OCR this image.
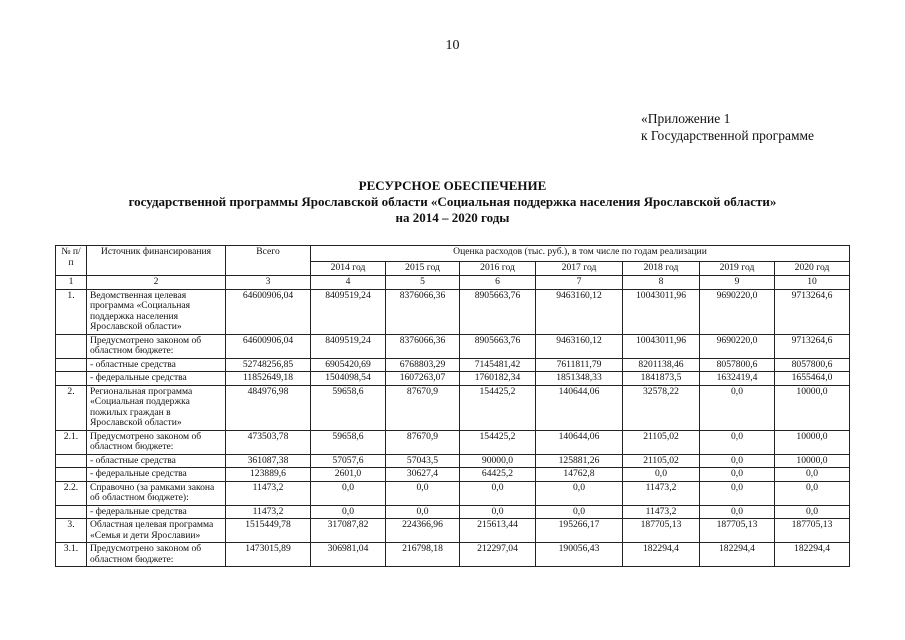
10
«Приложение 1
к Государственной программе
РЕСУРСНОЕ ОБЕСПЕЧЕНИЕ
государственной программы Ярославской области «Социальная поддержка населения Ярославской области»
на 2014 – 2020 годы
№ п/п	Источник финансирования	Всего	Оценка расходов (тыс. руб.), в том числе по годам реализации						
			2014 год	2015 год	2016 год	2017 год	2018 год	2019 год	2020 год
1	2	3	4	5	6	7	8	9	10
1.	Ведомственная целевая программа «Социальная поддержка населения Ярославской области»	64600906,04	8409519,24	8376066,36	8905663,76	9463160,12	10043011,96	9690220,0	9713264,6
	Предусмотрено законом об областном бюджете:	64600906,04	8409519,24	8376066,36	8905663,76	9463160,12	10043011,96	9690220,0	9713264,6
	- областные средства	52748256,85	6905420,69	6768803,29	7145481,42	7611811,79	8201138,46	8057800,6	8057800,6
	- федеральные средства	11852649,18	1504098,54	1607263,07	1760182,34	1851348,33	1841873,5	1632419,4	1655464,0
2.	Региональная программа «Социальная поддержка пожилых граждан в Ярославской области»	484976,98	59658,6	87670,9	154425,2	140644,06	32578,22	0,0	10000,0
2.1.	Предусмотрено законом об областном бюджете:	473503,78	59658,6	87670,9	154425,2	140644,06	21105,02	0,0	10000,0
	- областные средства	361087,38	57057,6	57043,5	90000,0	125881,26	21105,02	0,0	10000,0
	- федеральные средства	123889,6	2601,0	30627,4	64425,2	14762,8	0,0	0,0	0,0
2.2.	Справочно (за рамками закона об областном бюджете):	11473,2	0,0	0,0	0,0	0,0	11473,2	0,0	0,0
	- федеральные средства	11473,2	0,0	0,0	0,0	0,0	11473,2	0,0	0,0
3.	Областная целевая программа «Семья и дети Ярославии»	1515449,78	317087,82	224366,96	215613,44	195266,17	187705,13	187705,13	187705,13
3.1.	Предусмотрено законом об областном бюджете:	1473015,89	306981,04	216798,18	212297,04	190056,43	182294,4	182294,4	182294,4
